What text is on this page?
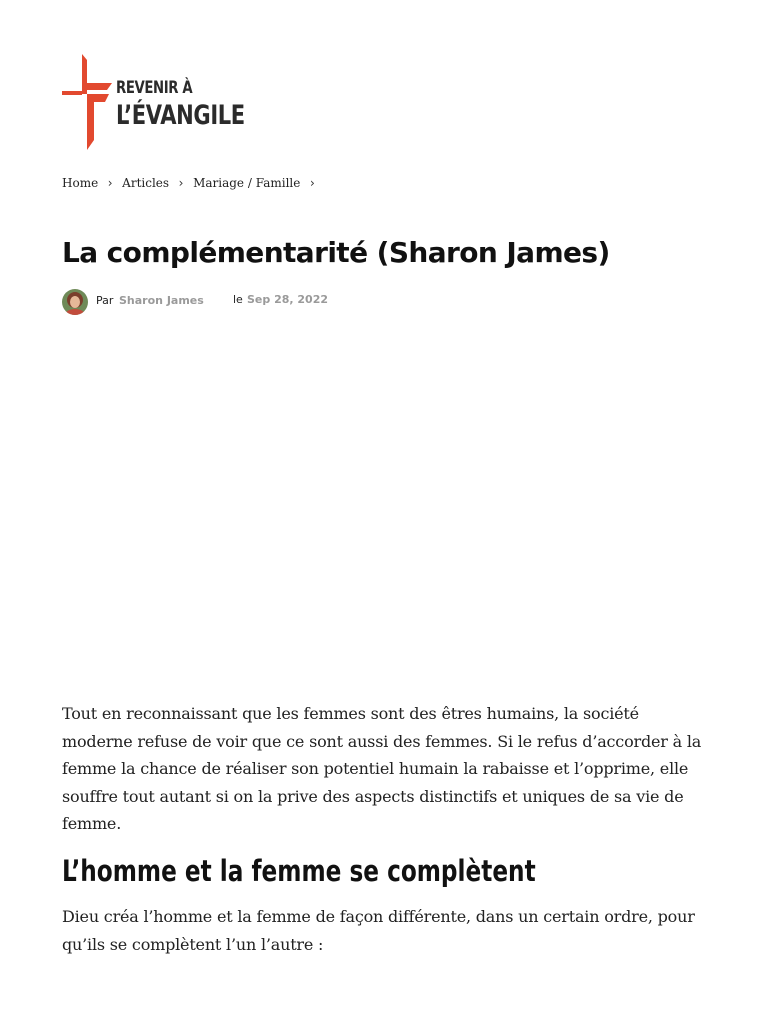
REVENIR À
L’ÉVANGILE
Home › Articles › Mariage / Famille ›
La complémentarité (Sharon James)
Par Sharon James	le Sep 28, 2022

Tout en reconnaissant que les femmes sont des êtres humains, la société moderne refuse de voir que ce sont aussi des femmes. Si le refus d’accorder à la femme la chance de réaliser son potentiel humain la rabaisse et l’opprime, elle souffre tout autant si on la prive des aspects distinctifs et uniques de sa vie de femme.

L’homme et la femme se complètent

Dieu créa l’homme et la femme de façon différente, dans un certain ordre, pour qu’ils se complètent l’un l’autre :
